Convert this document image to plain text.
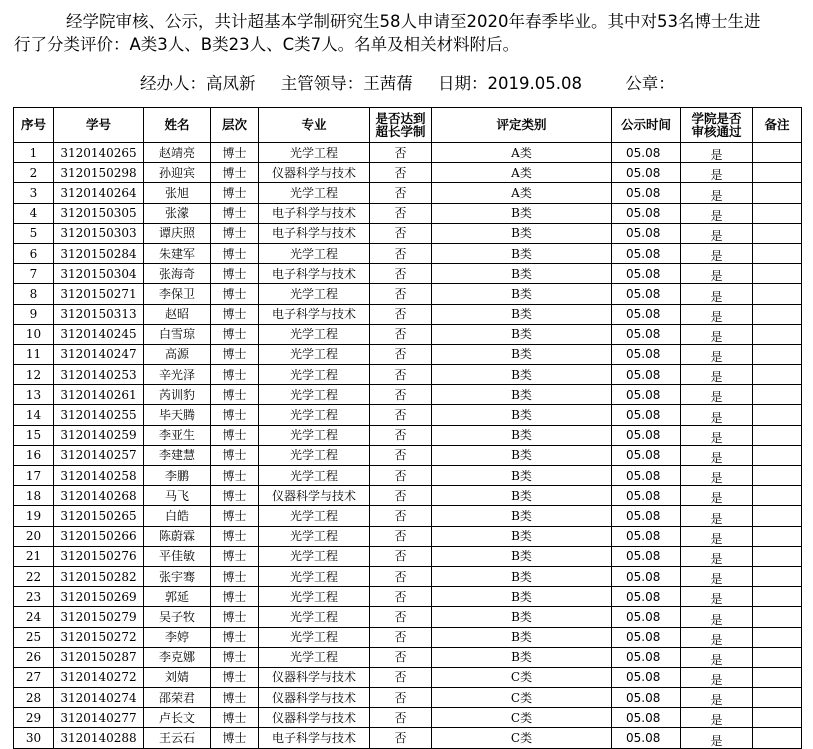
经学院审核、公示，共计超基本学制研究生58人申请至2020年春季毕业。其中对53名博士生进
行了分类评价：A类3人、B类23人、C类7人。名单及相关材料附后。
经办人：高凤新 主管领导：王茜蒨 日期：2019.05.08	公章：
序号	学号	姓名	层次	专业	是否达到
超长学制	评定类别	公示时间	学院是否
审核通过	备注
1	3120140265	赵靖亮	博士	光学工程	否	A类	05.08	是	
2	3120150298	孙迎宾	博士	仪器科学与技术	否	A类	05.08	是	
3	3120140264	张旭	博士	光学工程	否	A类	05.08	是	
4	3120150305	张濛	博士	电子科学与技术	否	B类	05.08	是	
5	3120150303	谭庆照	博士	电子科学与技术	否	B类	05.08	是	
6	3120150284	朱建军	博士	光学工程	否	B类	05.08	是	
7	3120150304	张海奇	博士	电子科学与技术	否	B类	05.08	是	
8	3120150271	李保卫	博士	光学工程	否	B类	05.08	是	
9	3120150313	赵昭	博士	电子科学与技术	否	B类	05.08	是	
10	3120140245	白雪琼	博士	光学工程	否	B类	05.08	是	
11	3120140247	高源	博士	光学工程	否	B类	05.08	是	
12	3120140253	辛光泽	博士	光学工程	否	B类	05.08	是	
13	3120140261	芮训豹	博士	光学工程	否	B类	05.08	是	
14	3120140255	毕天腾	博士	光学工程	否	B类	05.08	是	
15	3120140259	李亚生	博士	光学工程	否	B类	05.08	是	
16	3120140257	李建慧	博士	光学工程	否	B类	05.08	是	
17	3120140258	李鹏	博士	光学工程	否	B类	05.08	是	
18	3120140268	马飞	博士	仪器科学与技术	否	B类	05.08	是	
19	3120150265	白皓	博士	光学工程	否	B类	05.08	是	
20	3120150266	陈蔚霖	博士	光学工程	否	B类	05.08	是	
21	3120150276	平佳敏	博士	光学工程	否	B类	05.08	是	
22	3120150282	张宇骞	博士	光学工程	否	B类	05.08	是	
23	3120150269	郭延	博士	光学工程	否	B类	05.08	是	
24	3120150279	吴子牧	博士	光学工程	否	B类	05.08	是	
25	3120150272	李婷	博士	光学工程	否	B类	05.08	是	
26	3120150287	李克娜	博士	光学工程	否	B类	05.08	是	
27	3120140272	刘婧	博士	仪器科学与技术	否	C类	05.08	是	
28	3120140274	邵荣君	博士	仪器科学与技术	否	C类	05.08	是	
29	3120140277	卢长文	博士	仪器科学与技术	否	C类	05.08	是	
30	3120140288	王云石	博士	电子科学与技术	否	C类	05.08	是	
